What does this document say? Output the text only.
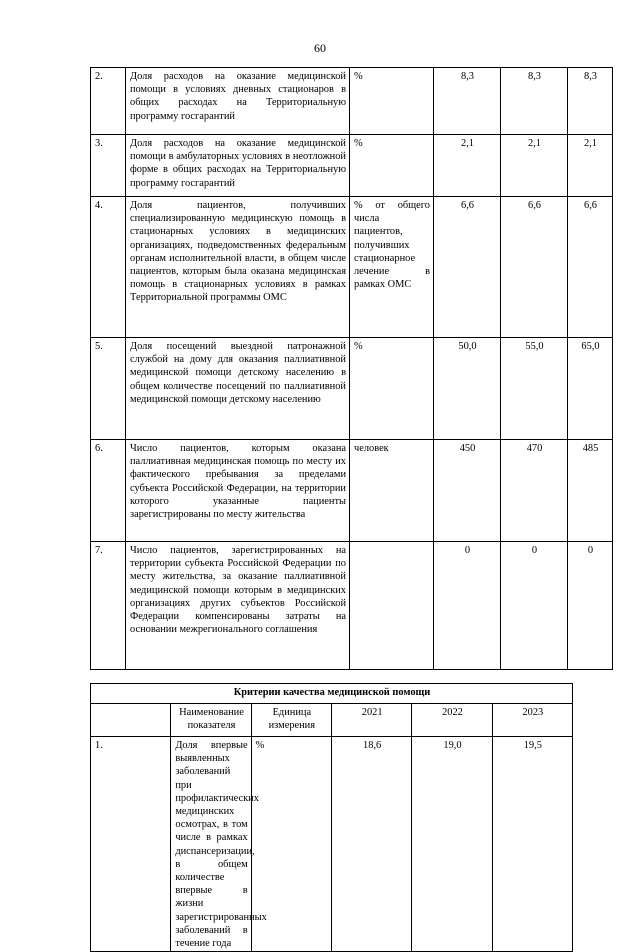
60
2.	Доля расходов на оказание медицинской помощи в условиях дневных стационаров в общих расходах на Территориальную программу госгарантий	%	8,3	8,3	8,3
3.	Доля расходов на оказание медицинской помощи в амбулаторных условиях в неотложной форме в общих расходах на Территориальную программу госгарантий	%	2,1	2,1	2,1
4.	Доля пациентов, получивших специализированную медицинскую помощь в стационарных условиях в медицинских организациях, подведомственных федеральным органам исполнительной власти, в общем числе пациентов, которым была оказана медицинская помощь в стационарных условиях в рамках Территориальной программы ОМС	% от общего числа пациентов, получивших стационарное лечение в рамках ОМС	6,6	6,6	6,6
5.	Доля посещений выездной патронажной службой на дому для оказания паллиативной медицинской помощи детскому населению в общем количестве посещений по паллиативной медицинской помощи детскому населению	%	50,0	55,0	65,0
6.	Число пациентов, которым оказана паллиативная медицинская помощь по месту их фактического пребывания за пределами субъекта Российской Федерации, на территории которого указанные пациенты зарегистрированы по месту жительства	человек	450	470	485
7.	Число пациентов, зарегистрированных на территории субъекта Российской Федерации по месту жительства, за оказание паллиативной медицинской помощи которым в медицинских организациях других субъектов Российской Федерации компенсированы затраты на основании межрегионального соглашения		0	0	0
Критерии качества медицинской помощи					
	Наименование показателя	Единица измерения	2021	2022	2023
1.	Доля впервые выявленных заболеваний при профилактических медицинских осмотрах, в том числе в рамках диспансеризации, в общем количестве впервые в жизни зарегистрированных заболеваний в течение года	%	18,6	19,0	19,5
